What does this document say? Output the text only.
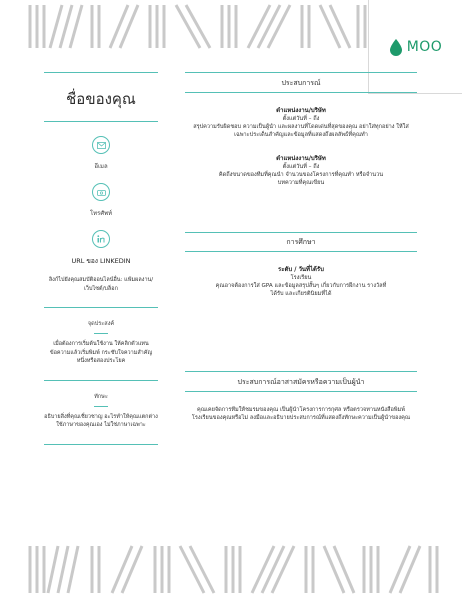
MOO
ชื่อของคุณ
อีเมล
โทรศัพท์
URL ของ LINKEDIN
ลิงก์ไปยังคุณสมบัติออนไลน์อื่น: แฟ้มผลงาน/เว็บไซต์/บล็อก
จุดประสงค์
เมื่อต้องการเริ่มต้นใช้งาน ให้คลิกตัวแทนข้อความแล้วเริ่มพิมพ์ กระชับใจความสำคัญ หนึ่งหรือสองประโยค
ทักษะ
อธิบายสิ่งที่คุณเชี่ยวชาญ อะไรทำให้คุณแตกต่าง ใช้ภาษาของคุณเอง ไม่ใช่ภาษาเฉพาะ
ประสบการณ์
ตำแหน่งงาน/บริษัท
ตั้งแต่วันที่ – ถึง
สรุปความรับผิดชอบ ความเป็นผู้นำ และผลงานที่โดดเด่นที่สุดของคุณ อย่าใส่ทุกอย่าง ให้ใส่เฉพาะประเด็นสำคัญและข้อมูลที่แสดงถึงผลลัพธ์ที่คุณทำ
ตำแหน่งงาน/บริษัท
ตั้งแต่วันที่ – ถึง
คิดถึงขนาดของทีมที่คุณนำ จำนวนของโครงการที่คุณทำ หรือจำนวนบทความที่คุณเขียน
การศึกษา
ระดับ / วันที่ได้รับ
โรงเรียน
คุณอาจต้องการใส่ GPA และข้อมูลสรุปสั้นๆ เกี่ยวกับการฝึกงาน รางวัลที่ได้รับ และเกียรตินิยมที่ได้
ประสบการณ์อาสาสมัครหรือความเป็นผู้นำ
คุณเคยจัดการทีมให้ชมรมของคุณ เป็นผู้นำโครงการการกุศล หรือตรวจทานหนังสือพิมพ์โรงเรียนของคุณหรือไม่ ลงมือและอธิบายประสบการณ์ที่แสดงถึงทักษะความเป็นผู้นำของคุณ
